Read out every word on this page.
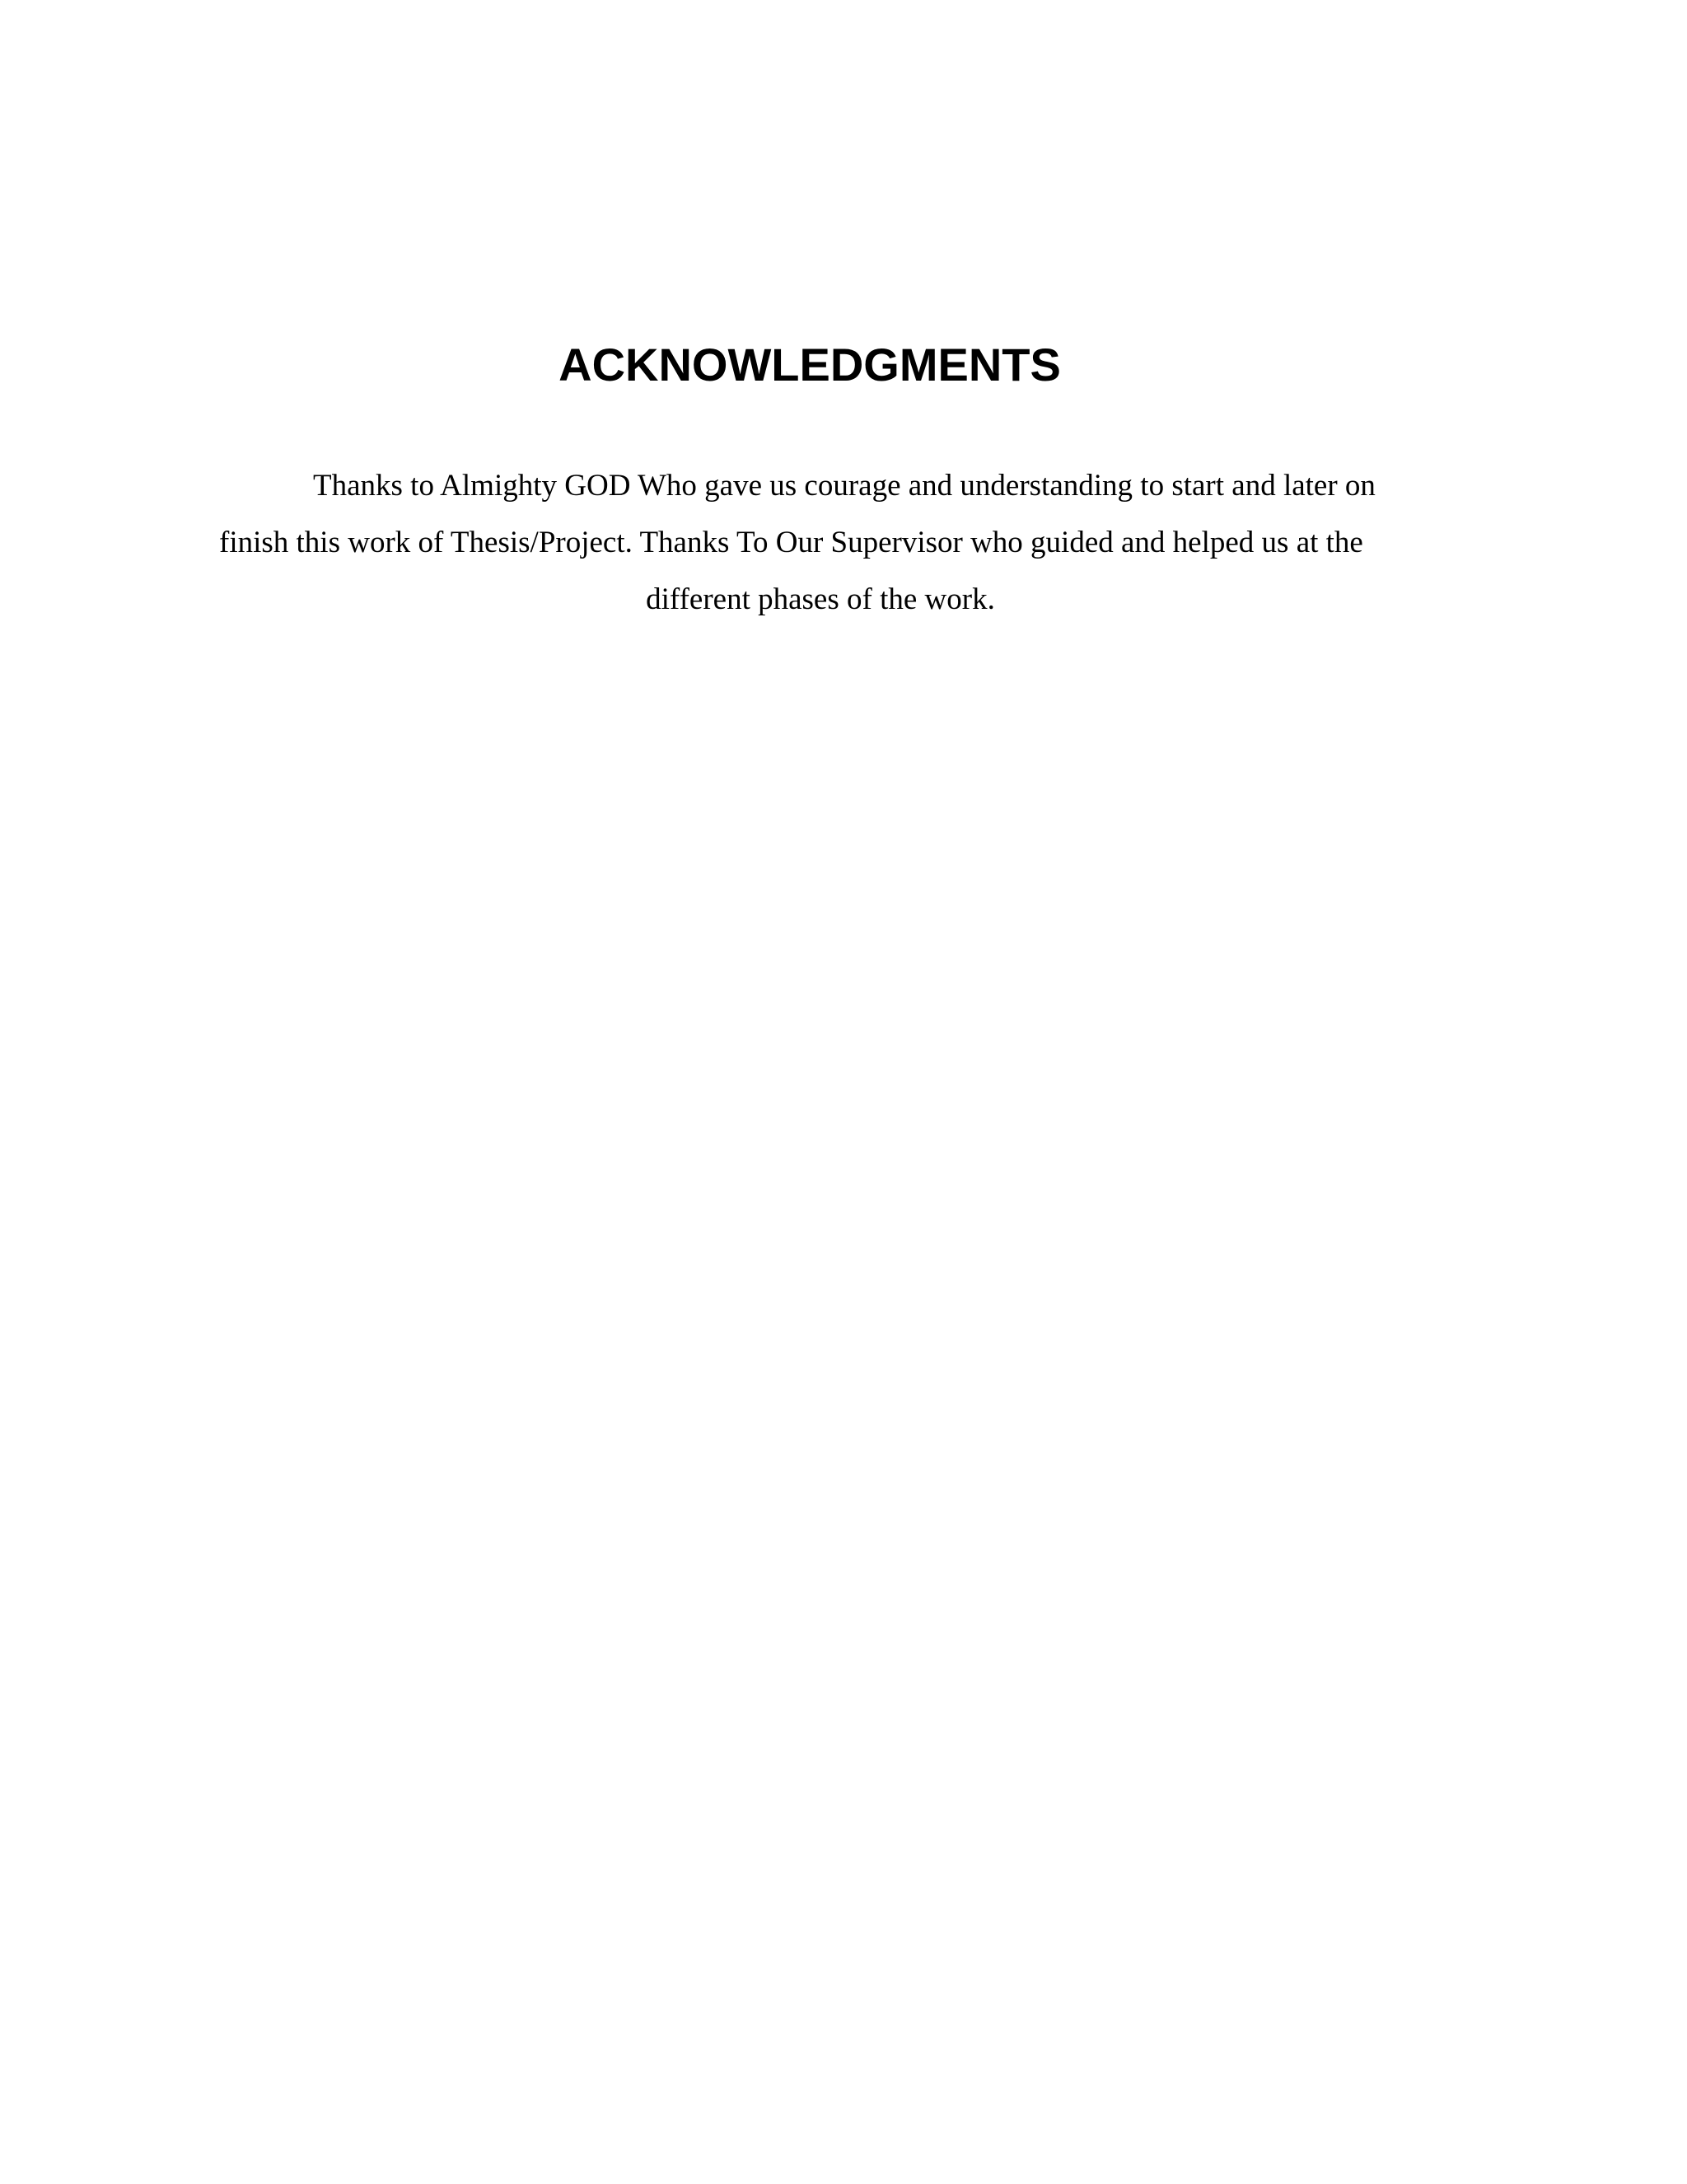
ACKNOWLEDGMENTS

Thanks to Almighty GOD Who gave us courage and understanding to start and later on

finish this work of Thesis/Project. Thanks To Our Supervisor who guided and helped us at the

different phases of the work.
